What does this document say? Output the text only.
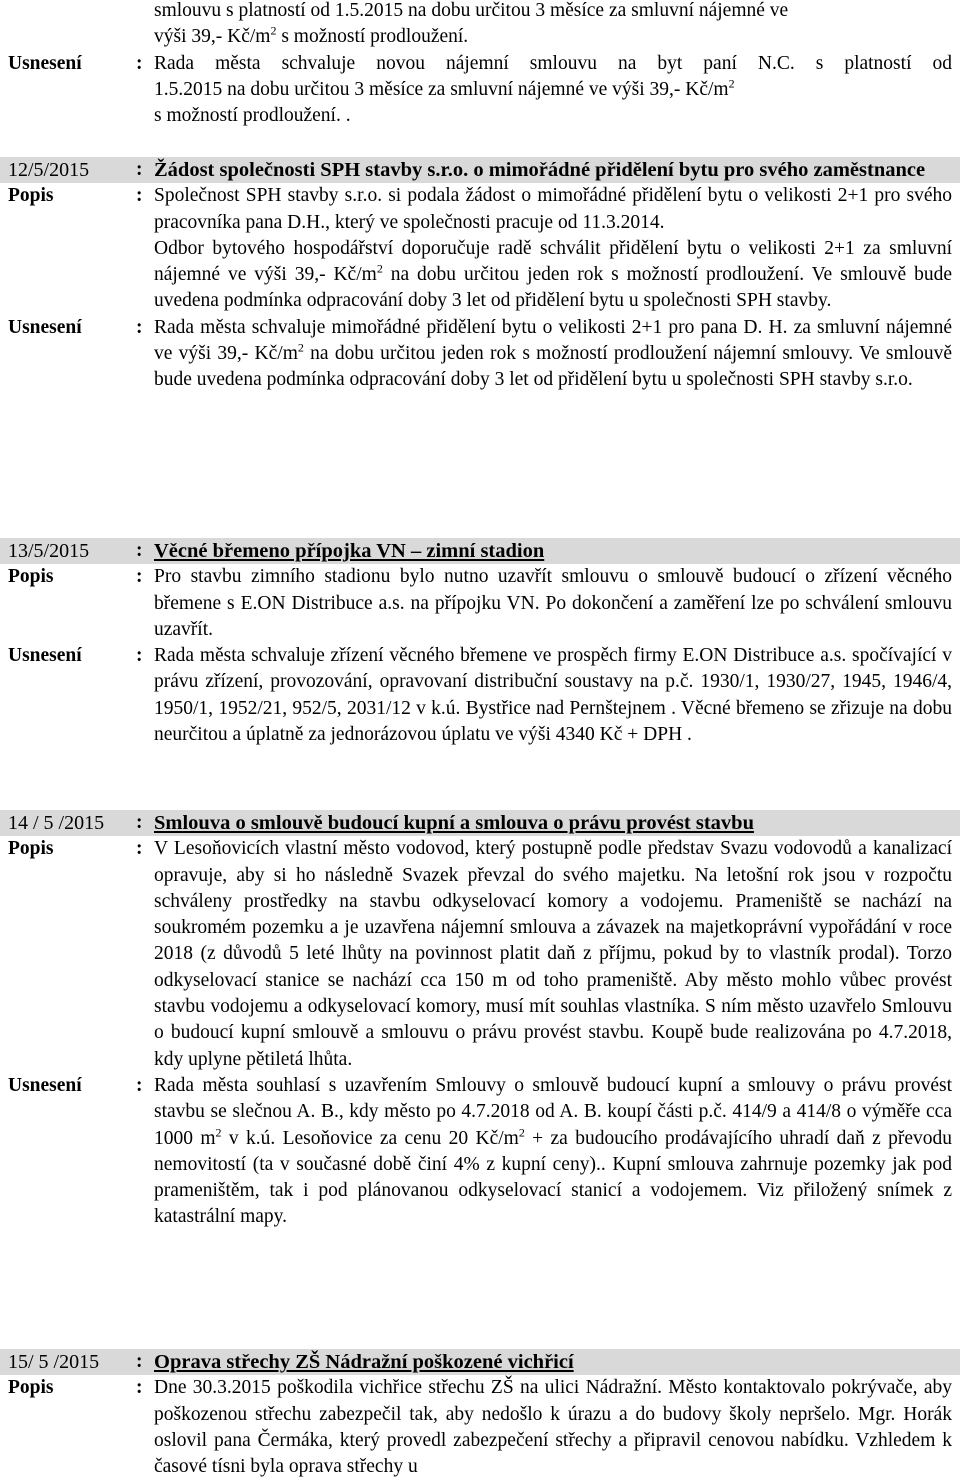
smlouvu s platností od 1.5.2015 na dobu určitou 3 měsíce za smluvní nájemné ve

výši 39,- $Kč/m^2$ s možností prodloužení.

Usnesení	: Rada města schvaluje novou nájemní smlouvu na byt paní N.C. s platností od

1.5.2015 na dobu určitou 3 měsíce za smluvní nájemné ve výši 39,- $Kč/m^2$

s možností prodloužení. .

12/5/2015	: Žádost společnosti SPH stavby s.r.o. o mimořádné přidělení bytu pro svého zaměstnance
Popis	: Společnost SPH stavby s.r.o. si podala žádost o mimořádné přidělení bytu o velikosti 2+1 pro svého pracovníka pana D.H., který ve společnosti pracuje od 11.3.2014.

Odbor bytového hospodářství doporučuje radě schválit přidělení bytu o velikosti 2+1 za smluvní nájemné ve výši 39,- $Kč/m^2$ na dobu určitou jeden rok s možností prodloužení. Ve smlouvě bude uvedena podmínka odpracování doby 3 let od přidělení bytu u společnosti SPH stavby.

Usnesení	: Rada města schvaluje mimořádné přidělení bytu o velikosti 2+1 pro pana D. H. za smluvní nájemné ve výši 39,- $Kč/m^2$ na dobu určitou jeden rok s možností prodloužení nájemní smlouvy. Ve smlouvě bude uvedena podmínka odpracování doby 3 let od přidělení bytu u společnosti SPH stavby s.r.o.
13/5/2015	: Věcné břemeno přípojka VN – zimní stadion
Popis	: Pro stavbu zimního stadionu bylo nutno uzavřít smlouvu o smlouvě budoucí o zřízení věcného břemene s E.ON Distribuce a.s. na přípojku VN. Po dokončení a zaměření lze po schválení smlouvu uzavřít.
Usnesení	: Rada města schvaluje zřízení věcného břemene ve prospěch firmy E.ON Distribuce a.s. spočívající v právu zřízení, provozování, opravovaní distribuční soustavy na p.č. 1930/1, 1930/27, 1945, 1946/4, 1950/1, 1952/21, 952/5, 2031/12 v k.ú. Bystřice nad Pernštejnem . Věcné břemeno se zřizuje na dobu neurčitou a úplatně za jednorázovou úplatu ve výši 4340 Kč + DPH .
14 / 5 /2015	: Smlouva o smlouvě budoucí kupní a smlouva o právu provést stavbu
Popis	: V Lesoňovicích vlastní město vodovod, který postupně podle představ Svazu vodovodů a kanalizací opravuje, aby si ho následně Svazek převzal do svého majetku. Na letošní rok jsou v rozpočtu schváleny prostředky na stavbu odkyselovací komory a vodojemu. Prameniště se nachází na soukromém pozemku a je uzavřena nájemní smlouva a závazek na majetkoprávní vypořádání v roce 2018 (z důvodů 5 leté lhůty na povinnost platit daň z příjmu, pokud by to vlastník prodal). Torzo odkyselovací stanice se nachází cca 150 m od toho prameniště. Aby město mohlo vůbec provést stavbu vodojemu a odkyselovací komory, musí mít souhlas vlastníka. S ním město uzavřelo Smlouvu o budoucí kupní smlouvě a smlouvu o právu provést stavbu. Koupě bude realizována po 4.7.2018, kdy uplyne pětiletá lhůta.
Usnesení	: Rada města souhlasí s uzavřením Smlouvy o smlouvě budoucí kupní a smlouvy o právu provést stavbu se slečnou A. B., kdy město po 4.7.2018 od A. B. koupí části p.č. 414/9 a 414/8 o výměře cca 1000 $m^2$ v k.ú. Lesoňovice za cenu 20 $Kč/m^2$ + za budoucího prodávajícího uhradí daň z převodu nemovitostí (ta v současné době činí 4% z kupní ceny).. Kupní smlouva zahrnuje pozemky jak pod prameništěm, tak i pod plánovanou odkyselovací stanicí a vodojemem. Viz přiložený snímek z katastrální mapy.
15/ 5 /2015	: Oprava střechy ZŠ Nádražní poškozené vichřicí
Popis	: Dne 30.3.2015 poškodila vichřice střechu ZŠ na ulici Nádražní. Město kontaktovalo pokrývače, aby poškozenou střechu zabezpečil tak, aby nedošlo k úrazu a do budovy školy nepršelo. Mgr. Horák oslovil pana Čermáka, který provedl zabezpečení střechy a připravil cenovou nabídku. Vzhledem k časové tísni byla oprava střechy u
